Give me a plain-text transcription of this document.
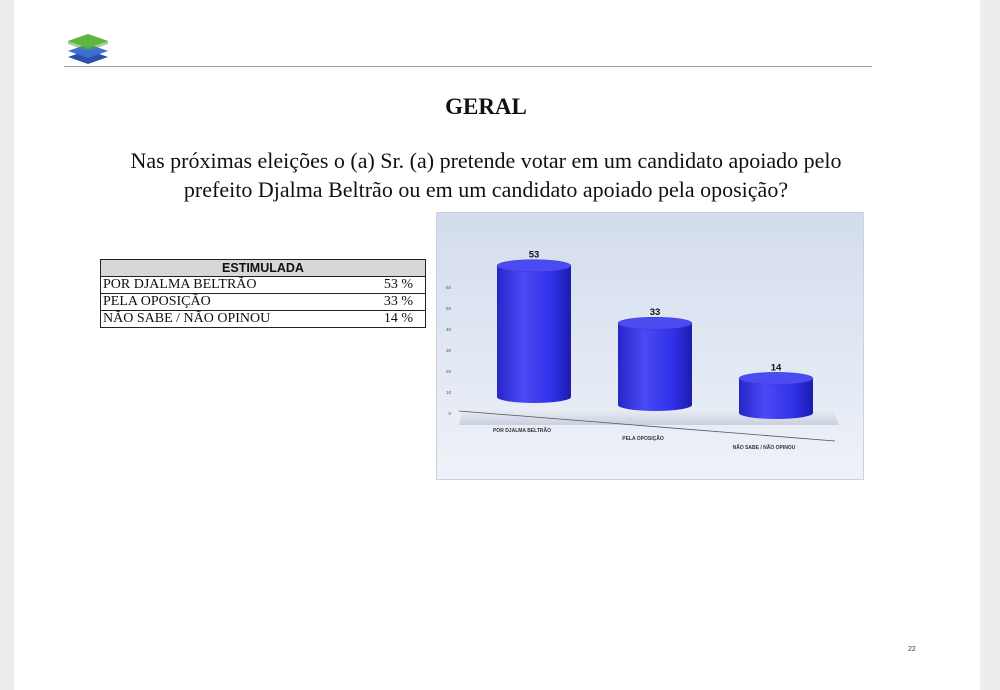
GERAL
Nas próximas eleições o (a) Sr. (a) pretende votar em um candidato apoiado pelo
prefeito Djalma Beltrão ou em um candidato apoiado pela oposição?
ESTIMULADA	
POR DJALMA BELTRÃO	53 %
PELA OPOSIÇÃO	33 %
NÃO SABE / NÃO OPINOU	14 %
0
10
20
30
40
50
60
53
POR DJALMA BELTRÃO
33
PELA OPOSIÇÃO
14
NÃO SABE / NÃO OPINOU
22
